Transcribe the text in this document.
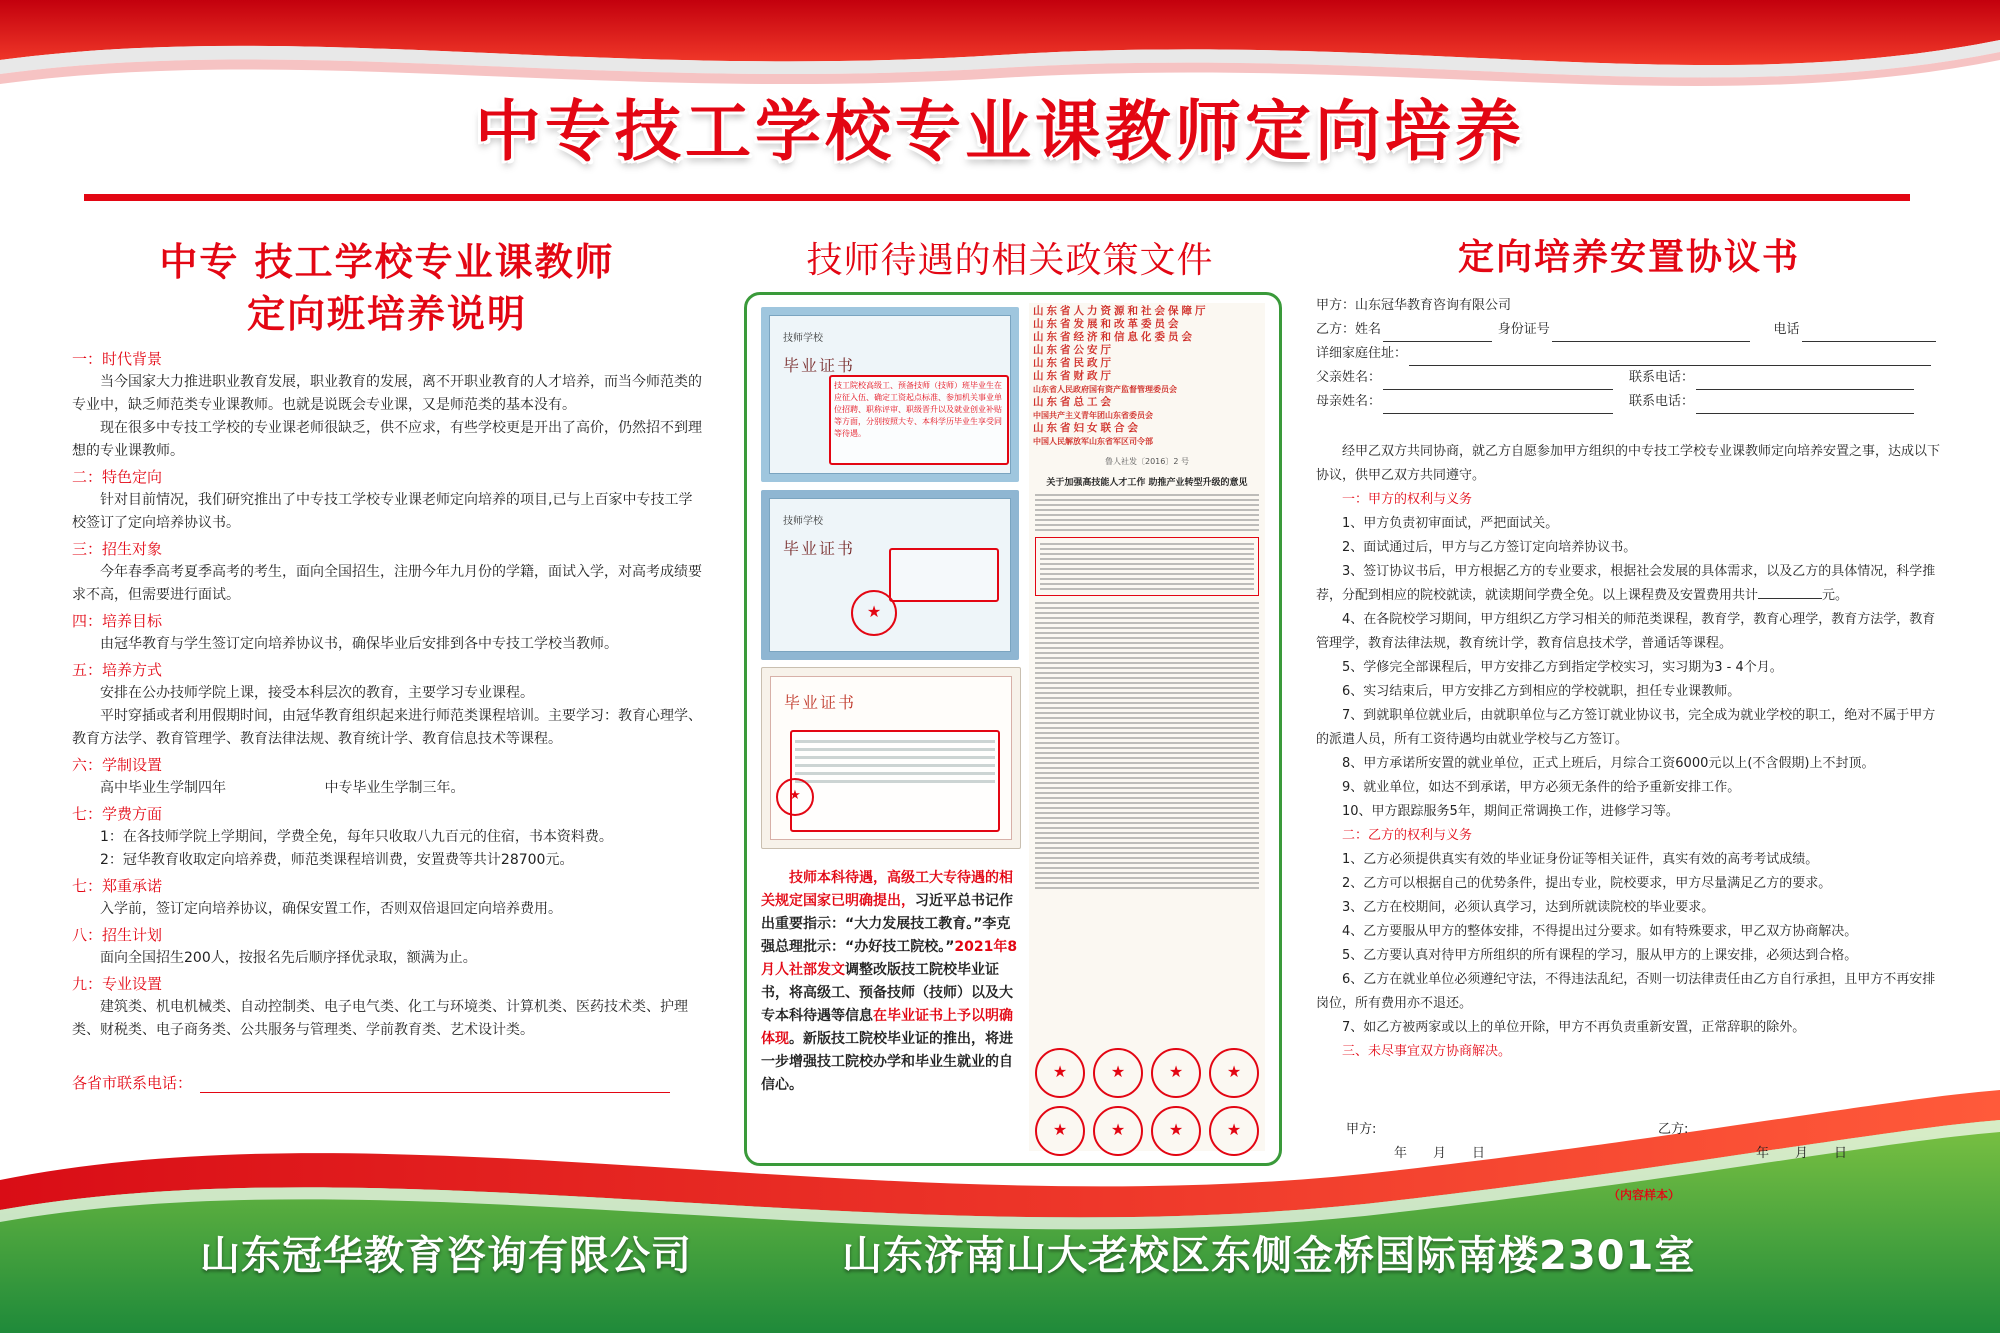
中专技工学校专业课教师定向培养
中专 技工学校专业课教师
定向班培养说明
一：时代背景
当今国家大力推进职业教育发展，职业教育的发展，离不开职业教育的人才培养，而当今师范类的专业中，缺乏师范类专业课教师。也就是说既会专业课，又是师范类的基本没有。
现在很多中专技工学校的专业课老师很缺乏，供不应求，有些学校更是开出了高价，仍然招不到理想的专业课教师。
二：特色定向
针对目前情况，我们研究推出了中专技工学校专业课老师定向培养的项目,已与上百家中专技工学校签订了定向培养协议书。
三：招生对象
今年春季高考夏季高考的考生，面向全国招生，注册今年九月份的学籍，面试入学，对高考成绩要求不高，但需要进行面试。
四：培养目标
由冠华教育与学生签订定向培养协议书，确保毕业后安排到各中专技工学校当教师。
五：培养方式
安排在公办技师学院上课，接受本科层次的教育，主要学习专业课程。
平时穿插或者利用假期时间，由冠华教育组织起来进行师范类课程培训。主要学习：教育心理学、教育方法学、教育管理学、教育法律法规、教育统计学、教育信息技术等课程。
六：学制设置
高中毕业生学制四年	中专毕业生学制三年。
七：学费方面
1：在各技师学院上学期间，学费全免，每年只收取八九百元的住宿，书本资料费。
2：冠华教育收取定向培养费，师范类课程培训费，安置费等共计28700元。
七：郑重承诺
入学前，签订定向培养协议，确保安置工作，否则双倍退回定向培养费用。
八：招生计划
面向全国招生200人，按报名先后顺序择优录取，额满为止。
九：专业设置
建筑类、机电机械类、自动控制类、电子电气类、化工与环境类、计算机类、医药技术类、护理类、财税类、电子商务类、公共服务与管理类、学前教育类、艺术设计类。
各省市联系电话：
技师待遇的相关政策文件
技师学校
毕业证书
技工院校高级工、预备技师（技师）班毕业生在应征入伍、确定工资起点标准、参加机关事业单位招聘、职称评审、职级晋升以及就业创业补贴等方面，分别按照大专、本科学历毕业生享受同等待遇。
技师学校
毕业证书
★
毕业证书
★
山东省人力资源和社会保障厅
山东省发展和改革委员会
山东省经济和信息化委员会
山东省公安厅
山东省民政厅
山东省财政厅
山东省人民政府国有资产监督管理委员会
山东省总工会
中国共产主义青年团山东省委员会
山东省妇女联合会
中国人民解放军山东省军区司令部
鲁人社发〔2016〕2 号
关于加强高技能人才工作 助推产业转型升级的意见
★	★	★	★
★	★	★	★
技师本科待遇，高级工大专待遇的相关规定国家已明确提出，习近平总书记作出重要指示：“大力发展技工教育。”李克强总理批示：“办好技工院校。”2021年8月人社部发文调整改版技工院校毕业证书，将高级工、预备技师（技师）以及大专本科待遇等信息在毕业证书上予以明确体现。新版技工院校毕业证的推出，将进一步增强技工院校办学和毕业生就业的自信心。
定向培养安置协议书
甲方：山东冠华教育咨询有限公司
乙方：姓名	身份证号	电话
详细家庭住址：
父亲姓名：	联系电话：
母亲姓名：	联系电话：
经甲乙双方共同协商，就乙方自愿参加甲方组织的中专技工学校专业课教师定向培养安置之事，达成以下协议，供甲乙双方共同遵守。
一：甲方的权利与义务
1、甲方负责初审面试，严把面试关。
2、面试通过后，甲方与乙方签订定向培养协议书。
3、签订协议书后，甲方根据乙方的专业要求，根据社会发展的具体需求，以及乙方的具体情况，科学推荐，分配到相应的院校就读，就读期间学费全免。以上课程费及安置费用共计	元。
4、在各院校学习期间，甲方组织乙方学习相关的师范类课程，教育学，教育心理学，教育方法学，教育管理学，教育法律法规，教育统计学，教育信息技术学，普通话等课程。
5、学修完全部课程后，甲方安排乙方到指定学校实习，实习期为3 - 4个月。
6、实习结束后，甲方安排乙方到相应的学校就职，担任专业课教师。
7、到就职单位就业后，由就职单位与乙方签订就业协议书，完全成为就业学校的职工，绝对不属于甲方的派遣人员，所有工资待遇均由就业学校与乙方签订。
8、甲方承诺所安置的就业单位，正式上班后，月综合工资6000元以上(不含假期)上不封顶。
9、就业单位，如达不到承诺，甲方必须无条件的给予重新安排工作。
10、甲方跟踪服务5年，期间正常调换工作，进修学习等。
二：乙方的权利与义务
1、乙方必须提供真实有效的毕业证身份证等相关证件，真实有效的高考考试成绩。
2、乙方可以根据自己的优势条件，提出专业，院校要求，甲方尽量满足乙方的要求。
3、乙方在校期间，必须认真学习，达到所就读院校的毕业要求。
4、乙方要服从甲方的整体安排，不得提出过分要求。如有特殊要求，甲乙双方协商解决。
5、乙方要认真对待甲方所组织的所有课程的学习，服从甲方的上课安排，必须达到合格。
6、乙方在就业单位必须遵纪守法，不得违法乱纪，否则一切法律责任由乙方自行承担，且甲方不再安排岗位，所有费用亦不退还。
7、如乙方被两家或以上的单位开除，甲方不再负责重新安置，正常辞职的除外。
三、未尽事宜双方协商解决。
甲方:
年　　月　　日
乙方:
年　　月　　日
（内容样本）
山东冠华教育咨询有限公司	山东济南山大老校区东侧金桥国际南楼2301室
